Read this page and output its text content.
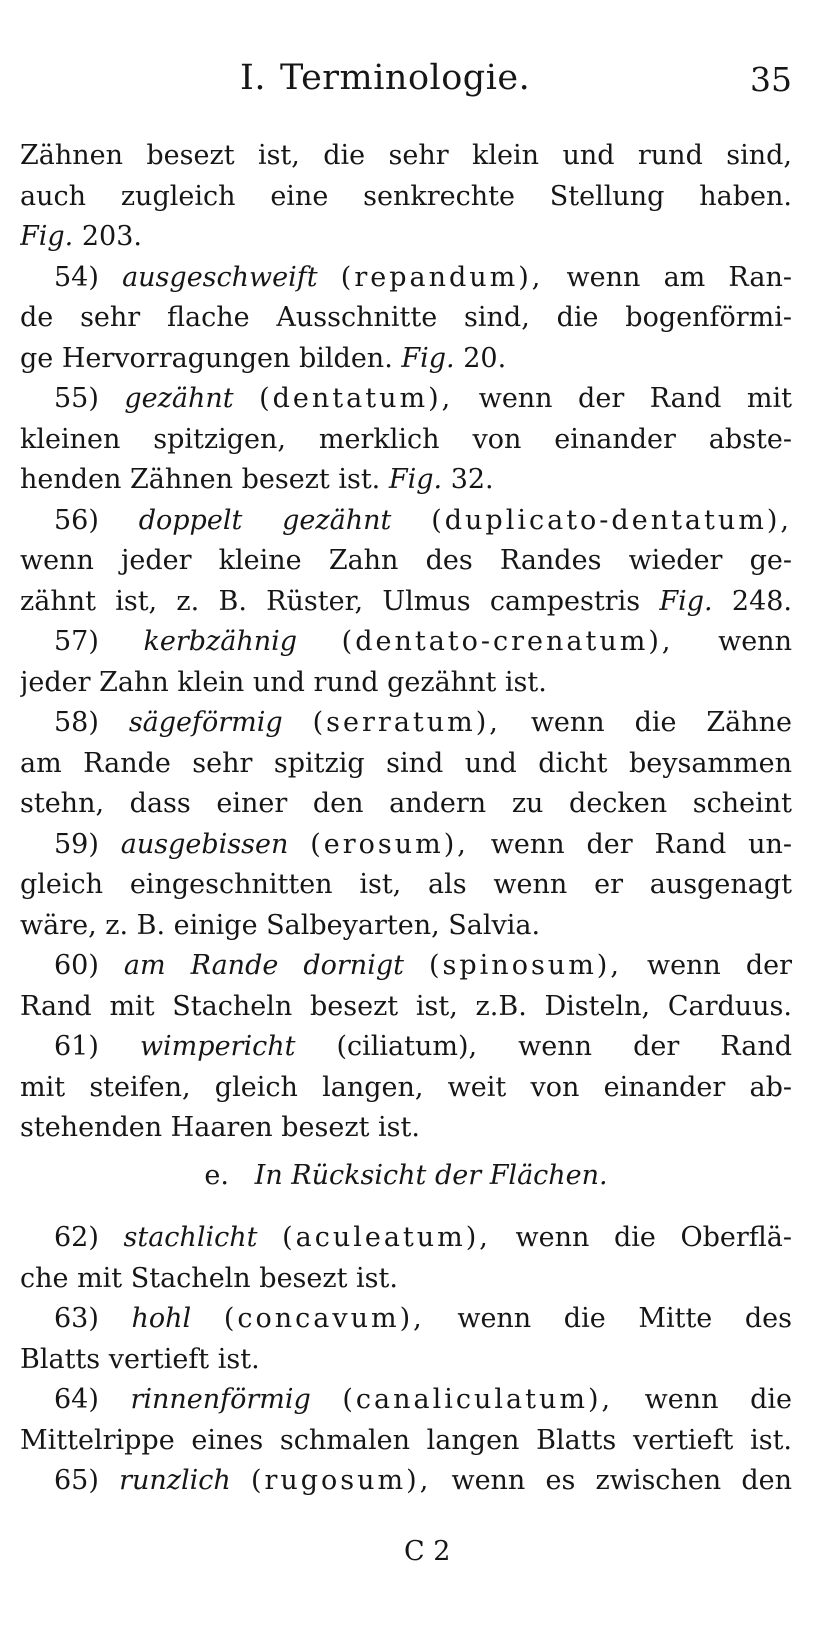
I. Terminologie.	35
Zähnen besezt ist, die sehr klein und rund sind,
auch zugleich eine senkrechte Stellung haben.
Fig. 203.
54) ausgeschweift (repandum), wenn am Ran-
de sehr flache Ausschnitte sind, die bogenförmi-
ge Hervorragungen bilden. Fig. 20.
55) gezähnt (dentatum), wenn der Rand mit
kleinen spitzigen, merklich von einander abste-
henden Zähnen besezt ist. Fig. 32.
56) doppelt gezähnt (duplicato-dentatum),
wenn jeder kleine Zahn des Randes wieder ge-
zähnt ist, z. B. Rüster, Ulmus campestris Fig. 248.
57) kerbzähnig (dentato-crenatum), wenn
jeder Zahn klein und rund gezähnt ist.
58) sägeförmig (serratum), wenn die Zähne
am Rande sehr spitzig sind und dicht beysammen
stehn, dass einer den andern zu decken scheint
59) ausgebissen (erosum), wenn der Rand un-
gleich eingeschnitten ist, als wenn er ausgenagt
wäre, z. B. einige Salbeyarten, Salvia.
60) am Rande dornigt (spinosum), wenn der
Rand mit Stacheln besezt ist, z.B. Disteln, Carduus.
61) wimpericht (ciliatum), wenn der Rand
mit steifen, gleich langen, weit von einander ab-
stehenden Haaren besezt ist.
e. In Rücksicht der Flächen.
62) stachlicht (aculeatum), wenn die Oberflä-
che mit Stacheln besezt ist.
63) hohl (concavum), wenn die Mitte des
Blatts vertieft ist.
64) rinnenförmig (canaliculatum), wenn die
Mittelrippe eines schmalen langen Blatts vertieft ist.
65) runzlich (rugosum), wenn es zwischen den
C 2
